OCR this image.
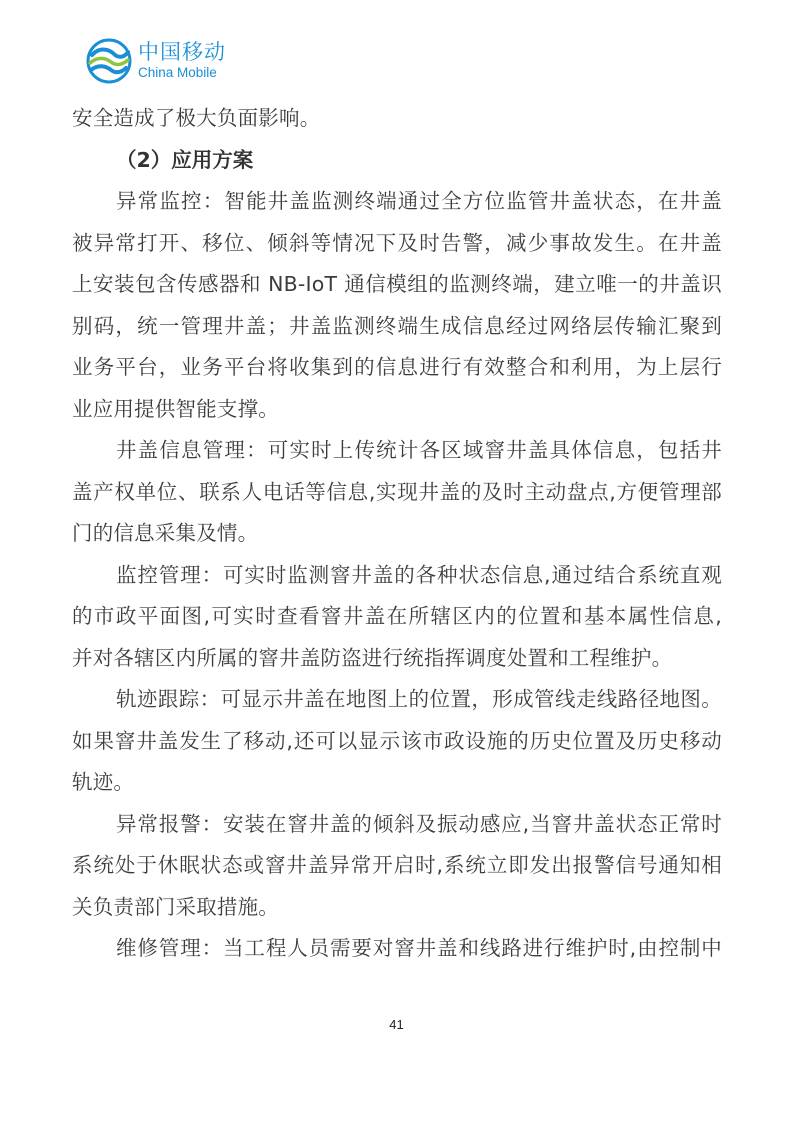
中国移动
China Mobile
安全造成了极大负面影响。
（2）应用方案
异常监控：智能井盖监测终端通过全方位监管井盖状态，在井盖
被异常打开、移位、倾斜等情况下及时告警，减少事故发生。在井盖
上安装包含传感器和 NB-IoT 通信模组的监测终端，建立唯一的井盖识
别码，统一管理井盖；井盖监测终端生成信息经过网络层传输汇聚到
业务平台，业务平台将收集到的信息进行有效整合和利用，为上层行
业应用提供智能支撑。
井盖信息管理：可实时上传统计各区域窨井盖具体信息，包括井
盖产权单位、联系人电话等信息,实现井盖的及时主动盘点,方便管理部
门的信息采集及情。
监控管理：可实时监测窨井盖的各种状态信息,通过结合系统直观
的市政平面图,可实时查看窨井盖在所辖区内的位置和基本属性信息,
并对各辖区内所属的窨井盖防盗进行统指挥调度处置和工程维护。
轨迹跟踪：可显示井盖在地图上的位置，形成管线走线路径地图。
如果窨井盖发生了移动,还可以显示该市政设施的历史位置及历史移动
轨迹。
异常报警：安装在窨井盖的倾斜及振动感应,当窨井盖状态正常时
系统处于休眠状态或窨井盖异常开启时,系统立即发出报警信号通知相
关负责部门采取措施。
维修管理：当工程人员需要对窨井盖和线路进行维护时,由控制中
41
